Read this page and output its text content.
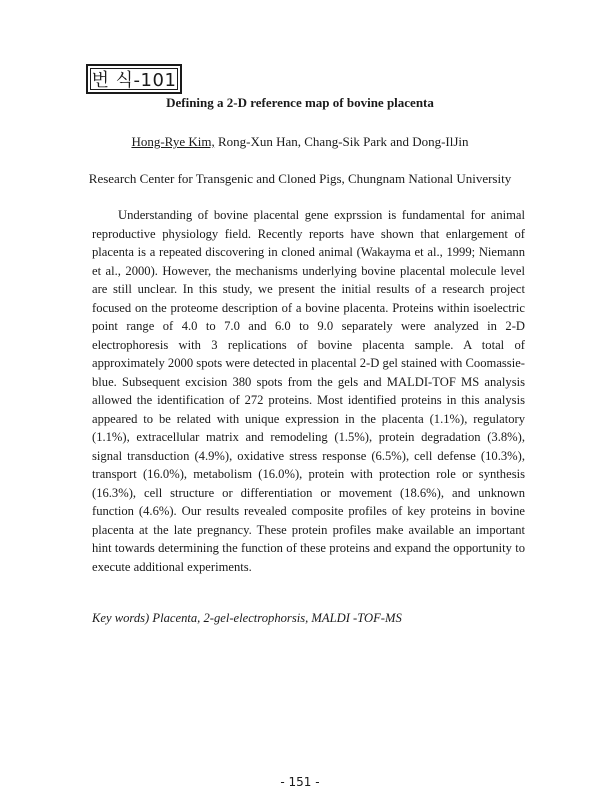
번 식-101
Defining a 2-D reference map of bovine placenta
Hong-Rye Kim, Rong-Xun Han, Chang-Sik Park and Dong-IlJin
Research Center for Transgenic and Cloned Pigs, Chungnam National University

Understanding of bovine placental gene exprssion is fundamental for animal reproductive physiology field. Recently reports have shown that enlargement of placenta is a repeated discovering in cloned animal (Wakayma et al., 1999; Niemann et al., 2000). However, the mechanisms underlying bovine placental molecule level are still unclear. In this study, we present the initial results of a research project focused on the proteome description of a bovine placenta. Proteins within isoelectric point range of 4.0 to 7.0 and 6.0 to 9.0 separately were analyzed in 2-D electrophoresis with 3 replications of bovine placenta sample. A total of approximately 2000 spots were detected in placental 2-D gel stained with Coomassie-blue. Subsequent excision 380 spots from the gels and MALDI-TOF MS analysis allowed the identification of 272 proteins. Most identified proteins in this analysis appeared to be related with unique expression in the placenta (1.1%), regulatory (1.1%), extracellular matrix and remodeling (1.5%), protein degradation (3.8%), signal transduction (4.9%), oxidative stress response (6.5%), cell defense (10.3%), transport (16.0%), metabolism (16.0%), protein with protection role or synthesis (16.3%), cell structure or differentiation or movement (18.6%), and unknown function (4.6%). Our results revealed composite profiles of key proteins in bovine placenta at the late pregnancy. These protein profiles make available an important hint towards determining the function of these proteins and expand the opportunity to execute additional experiments.

Key words) Placenta, 2-gel-electrophorsis, MALDI -TOF-MS
- 151 -
